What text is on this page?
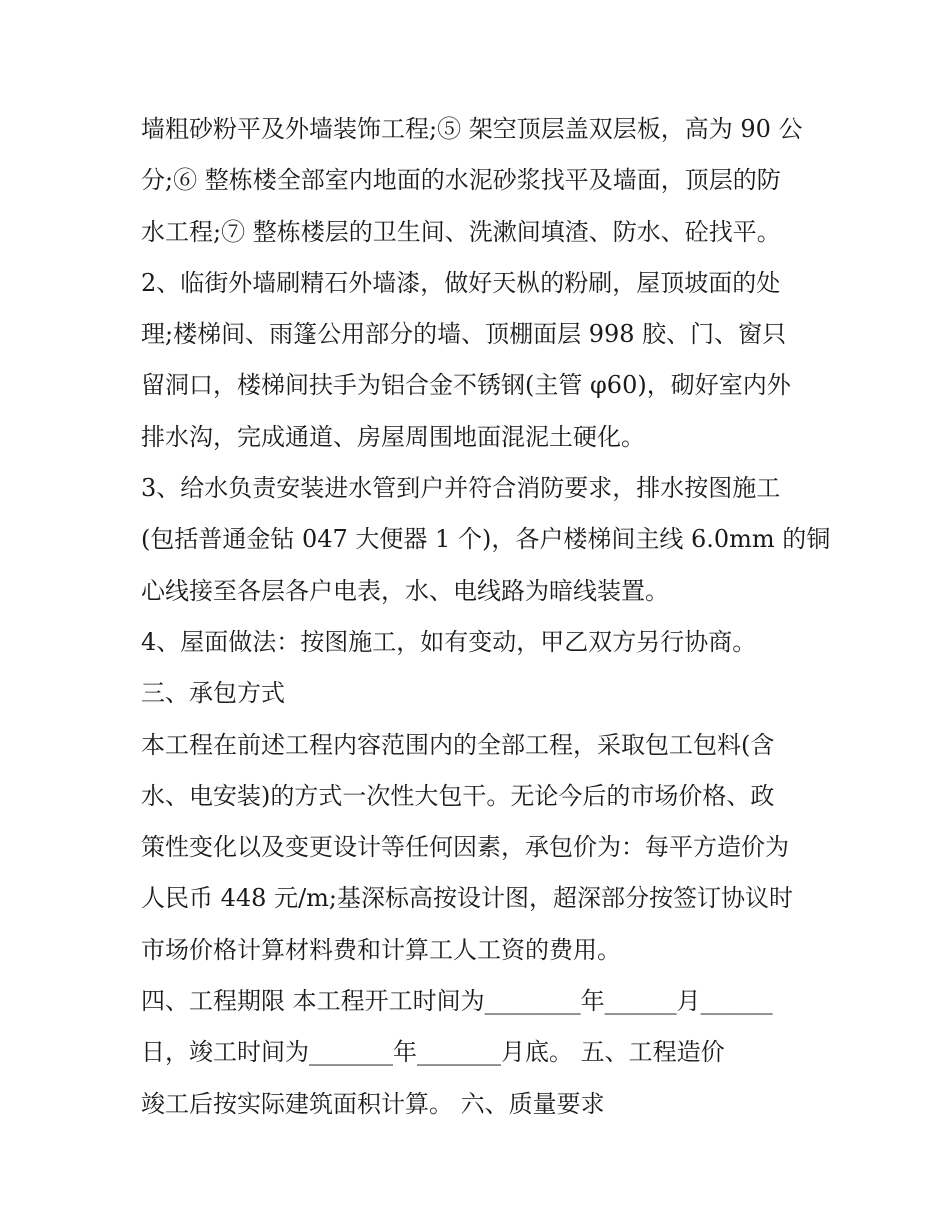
墙粗砂粉平及外墙装饰工程;⑤ 架空顶层盖双层板，高为 90 公
分;⑥ 整栋楼全部室内地面的水泥砂浆找平及墙面，顶层的防
水工程;⑦ 整栋楼层的卫生间、洗漱间填渣、防水、砼找平。
2、临街外墙刷精石外墙漆，做好天枞的粉刷，屋顶坡面的处
理;楼梯间、雨篷公用部分的墙、顶棚面层 998 胶、门、窗只
留洞口，楼梯间扶手为铝合金不锈钢(主管 φ60)，砌好室内外
排水沟，完成通道、房屋周围地面混泥土硬化。
3、给水负责安装进水管到户并符合消防要求，排水按图施工
(包括普通金钻 047 大便器 1 个)，各户楼梯间主线 6.0mm 的铜
心线接至各层各户电表，水、电线路为暗线装置。
4、屋面做法：按图施工，如有变动，甲乙双方另行协商。
三、承包方式
本工程在前述工程内容范围内的全部工程，采取包工包料(含
水、电安装)的方式一次性大包干。无论今后的市场价格、政
策性变化以及变更设计等任何因素，承包价为：每平方造价为
人民币 448 元/m;基深标高按设计图，超深部分按签订协议时
市场价格计算材料费和计算工人工资的费用。
四、工程期限 本工程开工时间为________年______月______
日，竣工时间为_______年_______月底。 五、工程造价
竣工后按实际建筑面积计算。 六、质量要求
